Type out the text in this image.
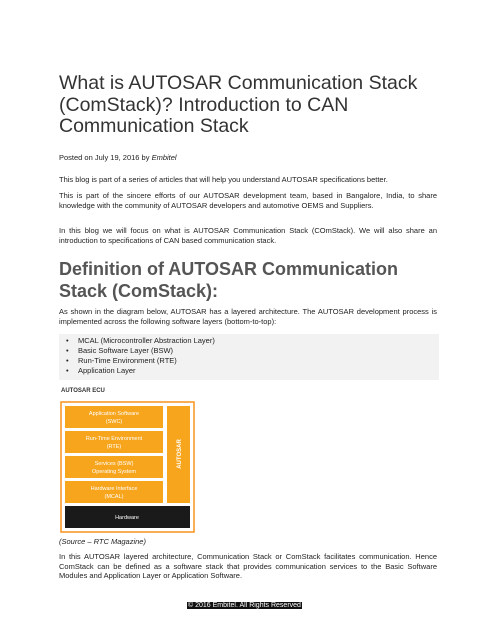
What is AUTOSAR Communication Stack (ComStack)? Introduction to CAN Communication Stack
Posted on July 19, 2016 by Embitel

This blog is part of a series of articles that will help you understand AUTOSAR specifications better.

This is part of the sincere efforts of our AUTOSAR development team, based in Bangalore, India, to share knowledge with the community of AUTOSAR developers and automotive OEMS and Suppliers.

In this blog we will focus on what is AUTOSAR Communication Stack (COmStack). We will also share an introduction to specifications of CAN based communication stack.

Definition of AUTOSAR Communication Stack (ComStack):

As shown in the diagram below, AUTOSAR has a layered architecture. The AUTOSAR development process is implemented across the following software layers (bottom-to-top):

• MCAL (Microcontroller Abstraction Layer)
• Basic Software Layer (BSW)
• Run-Time Environment (RTE)
• Application Layer
AUTOSAR ECU
Application Software
(SWC)
Run-Time Environment
(RTE)
Services (BSW)
Operating System
Hardware Interface
(MCAL)
AUTOSAR
Hardware
(Source – RTC Magazine)

In this AUTOSAR layered architecture, Communication Stack or ComStack facilitates communication. Hence ComStack can be defined as a software stack that provides communication services to the Basic Software Modules and Application Layer or Application Software.

© 2016 Embitel. All Rights Reserved
